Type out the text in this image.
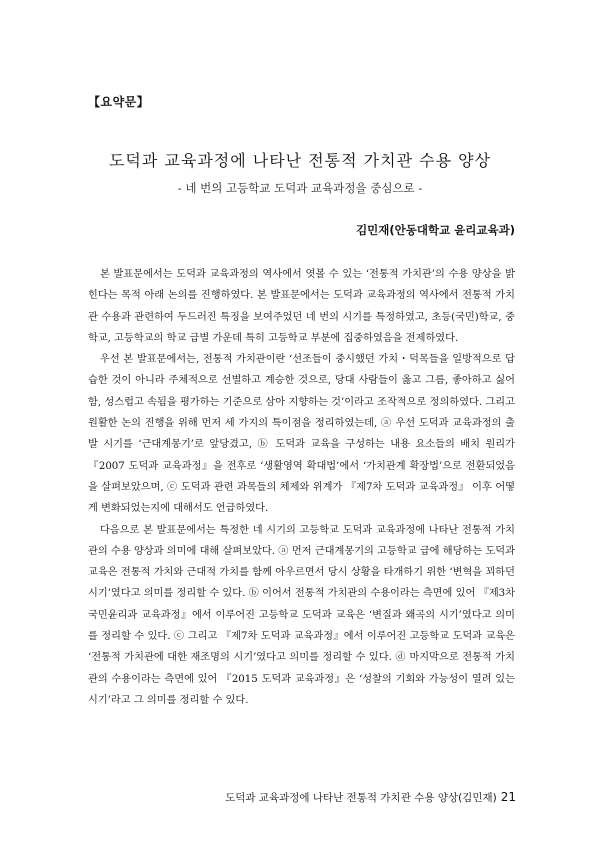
【요약문】
도덕과 교육과정에 나타난 전통적 가치관 수용 양상
- 네 번의 고등학교 도덕과 교육과정을 중심으로 -
김민재(안동대학교 윤리교육과)

본 발표문에서는 도덕과 교육과정의 역사에서 엿볼 수 있는 ‘전통적 가치관’의 수용 양상을 밝힌다는 목적 아래 논의를 진행하였다. 본 발표문에서는 도덕과 교육과정의 역사에서 전통적 가치관 수용과 관련하여 두드러진 특징을 보여주었던 네 번의 시기를 특정하였고, 초등(국민)학교, 중학교, 고등학교의 학교 급별 가운데 특히 고등학교 부분에 집중하였음을 전제하였다.

우선 본 발표문에서는, 전통적 가치관이란 ‘선조들이 중시했던 가치・덕목들을 일방적으로 답습한 것이 아니라 주체적으로 선별하고 계승한 것으로, 당대 사람들이 옳고 그름, 좋아하고 싫어함, 성스럽고 속됨을 평가하는 기준으로 삼아 지향하는 것’이라고 조작적으로 정의하였다. 그리고 원활한 논의 진행을 위해 먼저 세 가지의 특이점을 정리하였는데, ⓐ 우선 도덕과 교육과정의 출발 시기를 ‘근대계몽기’로 앞당겼고, ⓑ 도덕과 교육을 구성하는 내용 요소들의 배치 원리가 『2007 도덕과 교육과정』을 전후로 ‘생활영역 확대법’에서 ‘가치관계 확장법’으로 전환되었음을 살펴보았으며, ⓒ 도덕과 관련 과목들의 체제와 위계가 『제7차 도덕과 교육과정』 이후 어떻게 변화되었는지에 대해서도 언급하였다.

다음으로 본 발표문에서는 특정한 네 시기의 고등학교 도덕과 교육과정에 나타난 전통적 가치관의 수용 양상과 의미에 대해 살펴보았다. ⓐ 먼저 근대계몽기의 고등학교 급에 해당하는 도덕과 교육은 전통적 가치와 근대적 가치를 함께 아우르면서 당시 상황을 타개하기 위한 ‘변혁을 꾀하던 시기’였다고 의미를 정리할 수 있다. ⓑ 이어서 전통적 가치관의 수용이라는 측면에 있어 『제3차 국민윤리과 교육과정』에서 이루어진 고등학교 도덕과 교육은 ‘변질과 왜곡의 시기’였다고 의미를 정리할 수 있다. ⓒ 그리고 『제7차 도덕과 교육과정』에서 이루어진 고등학교 도덕과 교육은 ‘전통적 가치관에 대한 재조명의 시기’였다고 의미를 정리할 수 있다. ⓓ 마지막으로 전통적 가치관의 수용이라는 측면에 있어 『2015 도덕과 교육과정』은 ‘성찰의 기회와 가능성이 열려 있는 시기’라고 그 의미를 정리할 수 있다.

도덕과 교육과정에 나타난 전통적 가치관 수용 양상(김민재) 21
